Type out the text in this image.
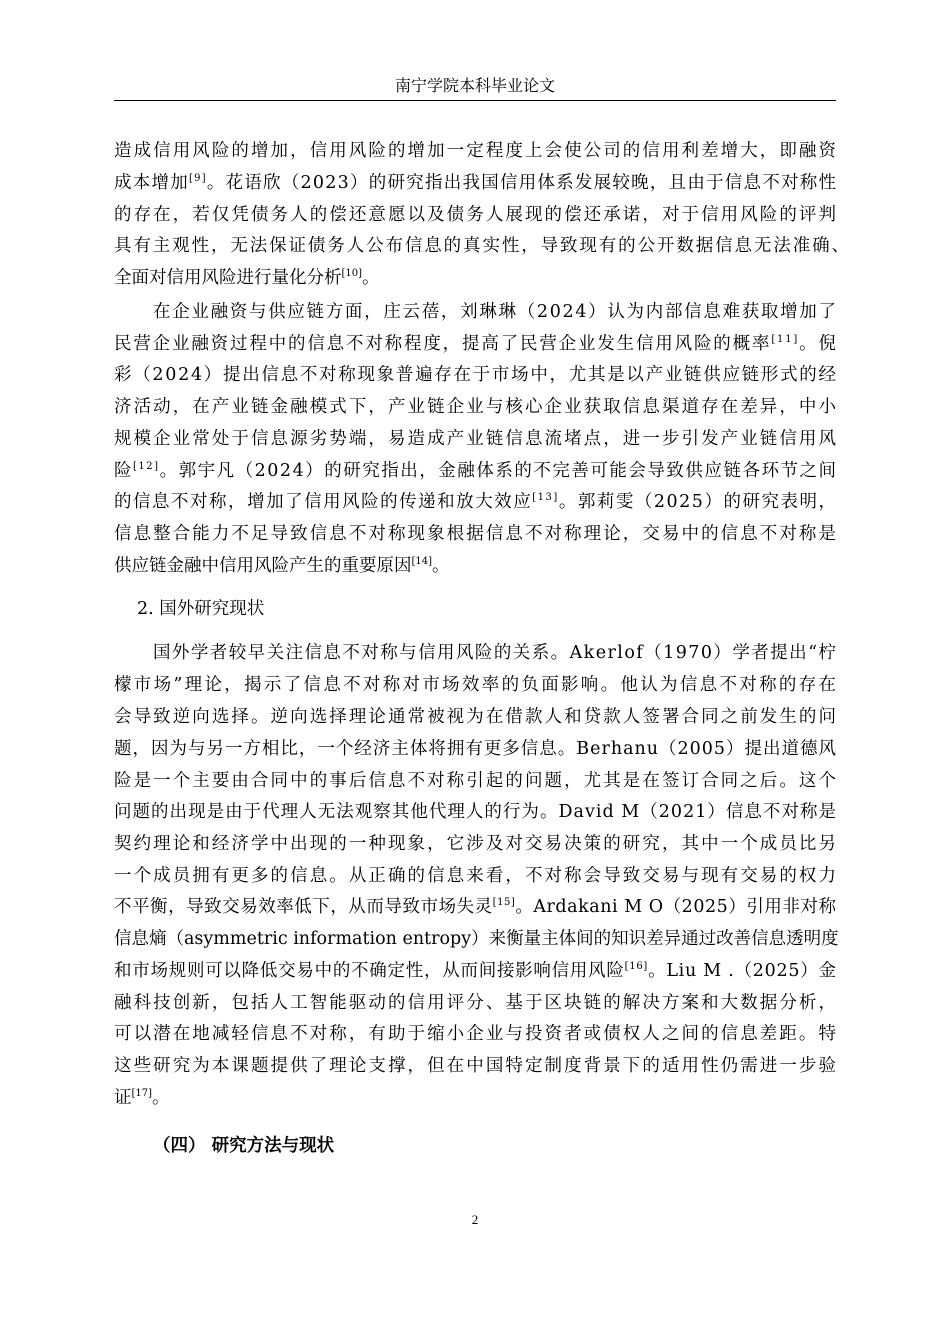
南宁学院本科毕业论文
造成信用风险的增加，信用风险的增加一定程度上会使公司的信用利差增大，即融资
成本增加[9]。花语欣（2023）的研究指出我国信用体系发展较晚，且由于信息不对称性
的存在，若仅凭债务人的偿还意愿以及债务人展现的偿还承诺，对于信用风险的评判
具有主观性，无法保证债务人公布信息的真实性，导致现有的公开数据信息无法准确、
全面对信用风险进行量化分析[10]。
在企业融资与供应链方面，庄云蓓，刘琳琳（2024）认为内部信息难获取增加了
民营企业融资过程中的信息不对称程度，提高了民营企业发生信用风险的概率[11]。倪
彩（2024）提出信息不对称现象普遍存在于市场中，尤其是以产业链供应链形式的经
济活动，在产业链金融模式下，产业链企业与核心企业获取信息渠道存在差异，中小
规模企业常处于信息源劣势端，易造成产业链信息流堵点，进一步引发产业链信用风
险[12]。郭宇凡（2024）的研究指出，金融体系的不完善可能会导致供应链各环节之间
的信息不对称，增加了信用风险的传递和放大效应[13]。郭莉雯（2025）的研究表明，
信息整合能力不足导致信息不对称现象根据信息不对称理论，交易中的信息不对称是
供应链金融中信用风险产生的重要原因[14]。
2. 国外研究现状
国外学者较早关注信息不对称与信用风险的关系。Akerlof（1970）学者提出“柠
檬市场”理论，揭示了信息不对称对市场效率的负面影响。他认为信息不对称的存在
会导致逆向选择。逆向选择理论通常被视为在借款人和贷款人签署合同之前发生的问
题，因为与另一方相比，一个经济主体将拥有更多信息。Berhanu（2005）提出道德风
险是一个主要由合同中的事后信息不对称引起的问题，尤其是在签订合同之后。这个
问题的出现是由于代理人无法观察其他代理人的行为。David M（2021）信息不对称是
契约理论和经济学中出现的一种现象，它涉及对交易决策的研究，其中一个成员比另
一个成员拥有更多的信息。从正确的信息来看，不对称会导致交易与现有交易的权力
不平衡，导致交易效率低下，从而导致市场失灵[15]。Ardakani M O（2025）引用非对称
信息熵（asymmetric information entropy）来衡量主体间的知识差异通过改善信息透明度
和市场规则可以降低交易中的不确定性，从而间接影响信用风险[16]。Liu M .（2025）金
融科技创新，包括人工智能驱动的信用评分、基于区块链的解决方案和大数据分析，
可以潜在地减轻信息不对称，有助于缩小企业与投资者或债权人之间的信息差距。特
这些研究为本课题提供了理论支撑，但在中国特定制度背景下的适用性仍需进一步验
证[17]。
（四） 研究方法与现状
2
